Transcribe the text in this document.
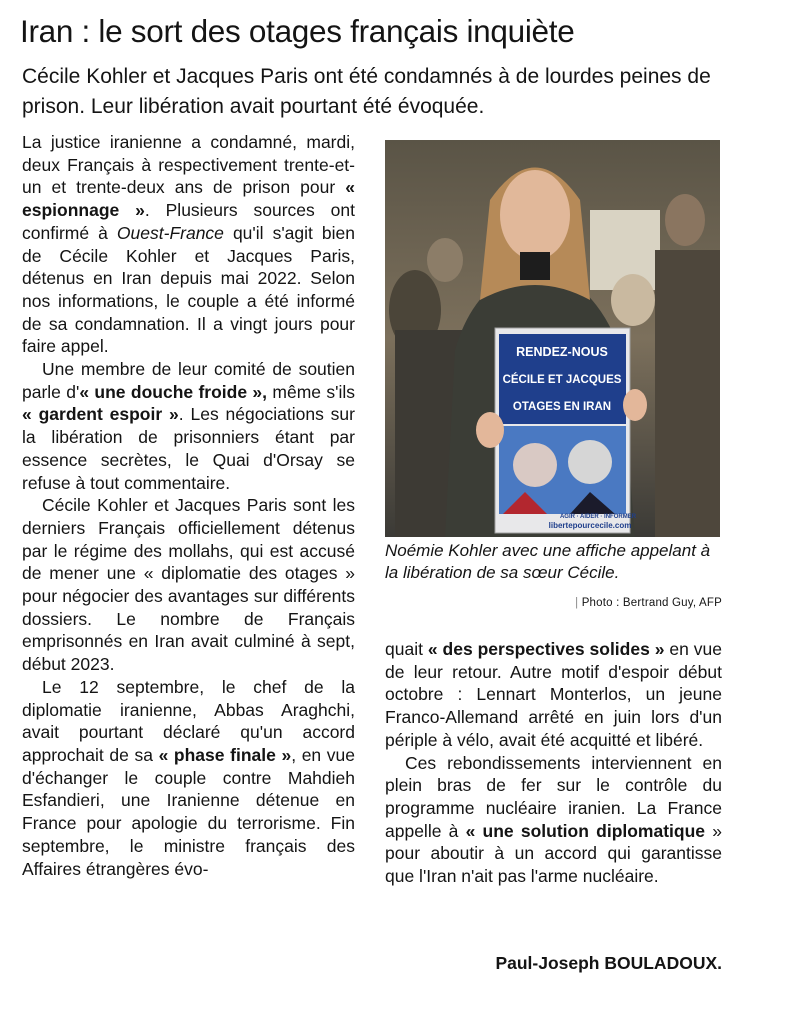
Iran : le sort des otages français inquiète

Cécile Kohler et Jacques Paris ont été condamnés à de lourdes peines de prison. Leur libération avait pourtant été évoquée.

La justice iranienne a condamné, mardi, deux Français à respectivement trente-et-un et trente-deux ans de prison pour « espionnage ». Plusieurs sources ont confirmé à Ouest-France qu'il s'agit bien de Cécile Kohler et Jacques Paris, détenus en Iran depuis mai 2022. Selon nos informations, le couple a été informé de sa condamnation. Il a vingt jours pour faire appel.

Une membre de leur comité de soutien parle d'« une douche froide », même s'ils « gardent espoir ». Les négociations sur la libération de prisonniers étant par essence secrètes, le Quai d'Orsay se refuse à tout commentaire.

Cécile Kohler et Jacques Paris sont les derniers Français officiellement détenus par le régime des mollahs, qui est accusé de mener une « diplomatie des otages » pour négocier des avantages sur différents dossiers. Le nombre de Français emprisonnés en Iran avait culminé à sept, début 2023.

Le 12 septembre, le chef de la diplomatie iranienne, Abbas Araghchi, avait pourtant déclaré qu'un accord approchait de sa « phase finale », en vue d'échanger le couple contre Mahdieh Esfandieri, une Iranienne détenue en France pour apologie du terrorisme. Fin septembre, le ministre français des Affaires étrangères évo-

RENDEZ-NOUS
CÉCILE ET JACQUES
OTAGES EN IRAN
AGIR · AIDER · INFORMER
libertepourcecile.com

Noémie Kohler avec une affiche appelant à la libération de sa sœur Cécile.

| Photo : Bertrand Guy, AFP

quait « des perspectives solides » en vue de leur retour. Autre motif d'espoir début octobre : Lennart Monterlos, un jeune Franco-Allemand arrêté en juin lors d'un périple à vélo, avait été acquitté et libéré.

Ces rebondissements interviennent en plein bras de fer sur le contrôle du programme nucléaire iranien. La France appelle à « une solution diplomatique » pour aboutir à un accord qui garantisse que l'Iran n'ait pas l'arme nucléaire.

Paul-Joseph BOULADOUX.
